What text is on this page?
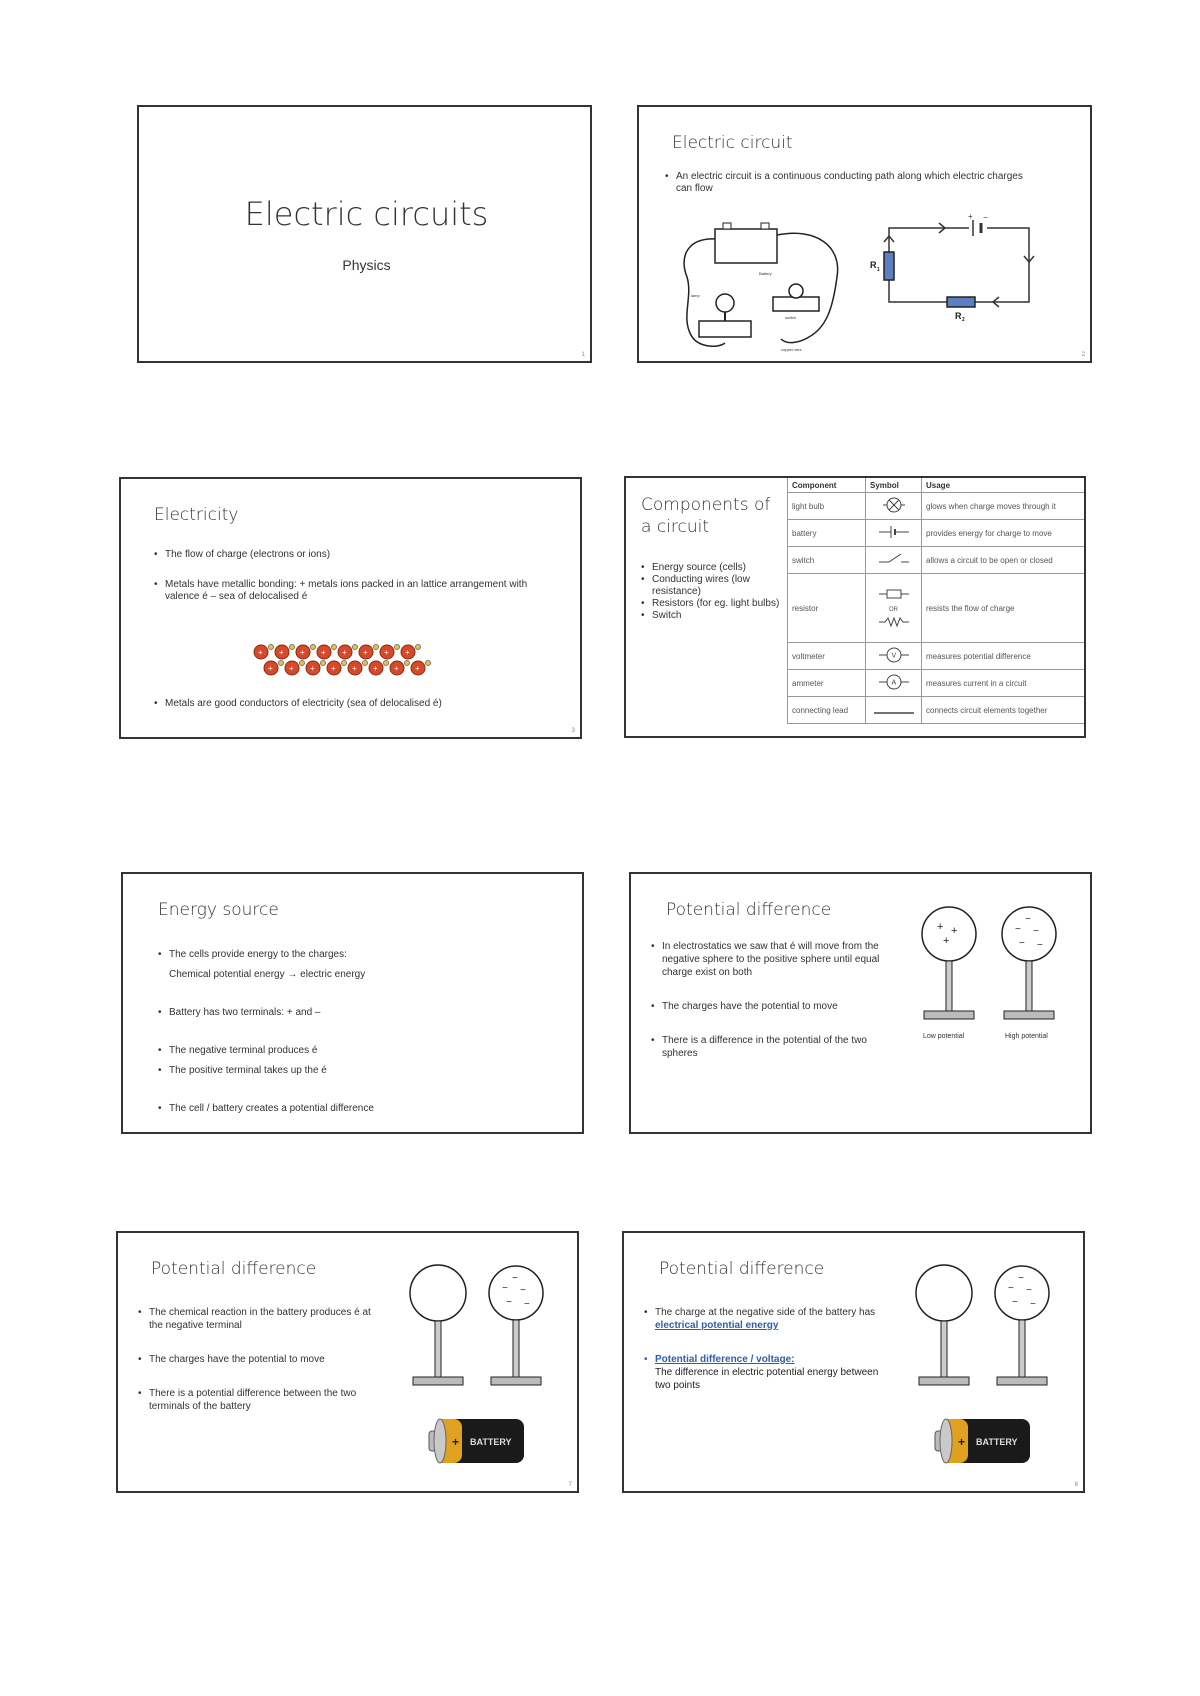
Electric circuits
Physics
1
Electric circuit
• An electric circuit is a continuous conducting path along which electric charges can flow
Battery
lamp
switch
copper wire
+ −
R 1
R 2
2
Electricity
• The flow of charge (electrons or ions)
• Metals have metallic bonding: + metals ions packed in an lattice arrangement with valence é – sea of delocalised é
+ + + + + + + +
+ + + + + + + +
• Metals are good conductors of electricity (sea of delocalised é)
3
Components of a circuit
• Energy source (cells)
• Conducting wires (low resistance)
• Resistors (for eg. light bulbs)
• Switch
Component	Symbol	Usage
light bulb		glows when charge moves through it
battery		provides energy for charge to move
switch		allows a circuit to be open or closed
resistor	OR	resists the flow of charge
voltmeter	V	measures potential difference
ammeter	A	measures current in a circuit
connecting lead		connects circuit elements together
Energy source
• The cells provide energy to the charges:
Chemical potential energy → electric energy
• Battery has two terminals: + and –
• The negative terminal produces é
• The positive terminal takes up the é
• The cell / battery creates a potential difference
Potential difference
• In electrostatics we saw that é will move from the negative sphere to the positive sphere until equal charge exist on both
• The charges have the potential to move
• There is a difference in the potential of the two spheres
+ +
+
−
− −
− −
Low potential	High potential
Potential difference
• The chemical reaction in the battery produces é at the negative terminal
• The charges have the potential to move
• There is a potential difference between the two terminals of the battery
−
− −
− −
+ BATTERY
7
Potential difference
• The charge at the negative side of the battery has electrical potential energy
• Potential difference / voltage:
The difference in electric potential energy between two points
−
− −
− −
+ BATTERY
8
